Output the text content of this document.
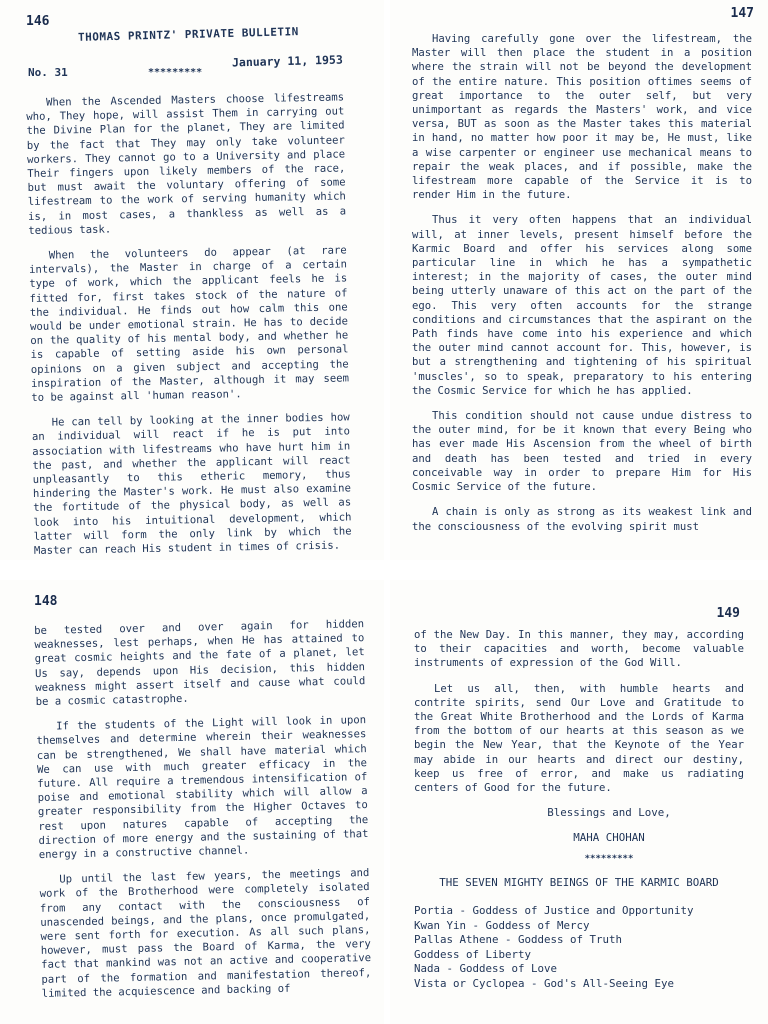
146
THOMAS PRINTZ' PRIVATE BULLETIN
January 11, 1953
No. 31	*********

When the Ascended Masters choose lifestreams who, They hope, will assist Them in carrying out the Divine Plan for the planet, They are limited by the fact that They may only take volunteer workers. They cannot go to a University and place Their fingers upon likely members of the race, but must await the voluntary offering of some lifestream to the work of serving humanity which is, in most cases, a thankless as well as a tedious task.

When the volunteers do appear (at rare intervals), the Master in charge of a certain type of work, which the applicant feels he is fitted for, first takes stock of the nature of the individual. He finds out how calm this one would be under emotional strain. He has to decide on the quality of his mental body, and whether he is capable of setting aside his own personal opinions on a given subject and accepting the inspiration of the Master, although it may seem to be against all 'human reason'.

He can tell by looking at the inner bodies how an individual will react if he is put into association with lifestreams who have hurt him in the past, and whether the applicant will react unpleasantly to this etheric memory, thus hindering the Master's work. He must also examine the fortitude of the physical body, as well as look into his intuitional development, which latter will form the only link by which the Master can reach His student in times of crisis.

147

Having carefully gone over the lifestream, the Master will then place the student in a position where the strain will not be beyond the development of the entire nature. This position oftimes seems of great importance to the outer self, but very unimportant as regards the Masters' work, and vice versa, BUT as soon as the Master takes this material in hand, no matter how poor it may be, He must, like a wise carpenter or engineer use mechanical means to repair the weak places, and if possible, make the lifestream more capable of the Service it is to render Him in the future.

Thus it very often happens that an individual will, at inner levels, present himself before the Karmic Board and offer his services along some particular line in which he has a sympathetic interest; in the majority of cases, the outer mind being utterly unaware of this act on the part of the ego. This very often accounts for the strange conditions and circumstances that the aspirant on the Path finds have come into his experience and which the outer mind cannot account for. This, however, is but a strengthening and tightening of his spiritual 'muscles', so to speak, preparatory to his entering the Cosmic Service for which he has applied.

This condition should not cause undue distress to the outer mind, for be it known that every Being who has ever made His Ascension from the wheel of birth and death has been tested and tried in every conceivable way in order to prepare Him for His Cosmic Service of the future.

A chain is only as strong as its weakest link and the consciousness of the evolving spirit must

148

be tested over and over again for hidden weaknesses, lest perhaps, when He has attained to great cosmic heights and the fate of a planet, let Us say, depends upon His decision, this hidden weakness might assert itself and cause what could be a cosmic catastrophe.

If the students of the Light will look in upon themselves and determine wherein their weaknesses can be strengthened, We shall have material which We can use with much greater efficacy in the future. All require a tremendous intensification of poise and emotional stability which will allow a greater responsibility from the Higher Octaves to rest upon natures capable of accepting the direction of more energy and the sustaining of that energy in a constructive channel.

Up until the last few years, the meetings and work of the Brotherhood were completely isolated from any contact with the consciousness of unascended beings, and the plans, once promulgated, were sent forth for execution. As all such plans, however, must pass the Board of Karma, the very fact that mankind was not an active and cooperative part of the formation and manifestation thereof, limited the acquiescence and backing of

149

of the New Day. In this manner, they may, according to their capacities and worth, become valuable instruments of expression of the God Will.

Let us all, then, with humble hearts and contrite spirits, send Our Love and Gratitude to the Great White Brotherhood and the Lords of Karma from the bottom of our hearts at this season as we begin the New Year, that the Keynote of the Year may abide in our hearts and direct our destiny, keep us free of error, and make us radiating centers of Good for the future.

Blessings and Love,

MAHA CHOHAN

*********
THE SEVEN MIGHTY BEINGS OF THE KARMIC BOARD
Portia - Goddess of Justice and Opportunity
Kwan Yin - Goddess of Mercy
Pallas Athene - Goddess of Truth
Goddess of Liberty
Nada - Goddess of Love
Vista or Cyclopea - God's All-Seeing Eye
